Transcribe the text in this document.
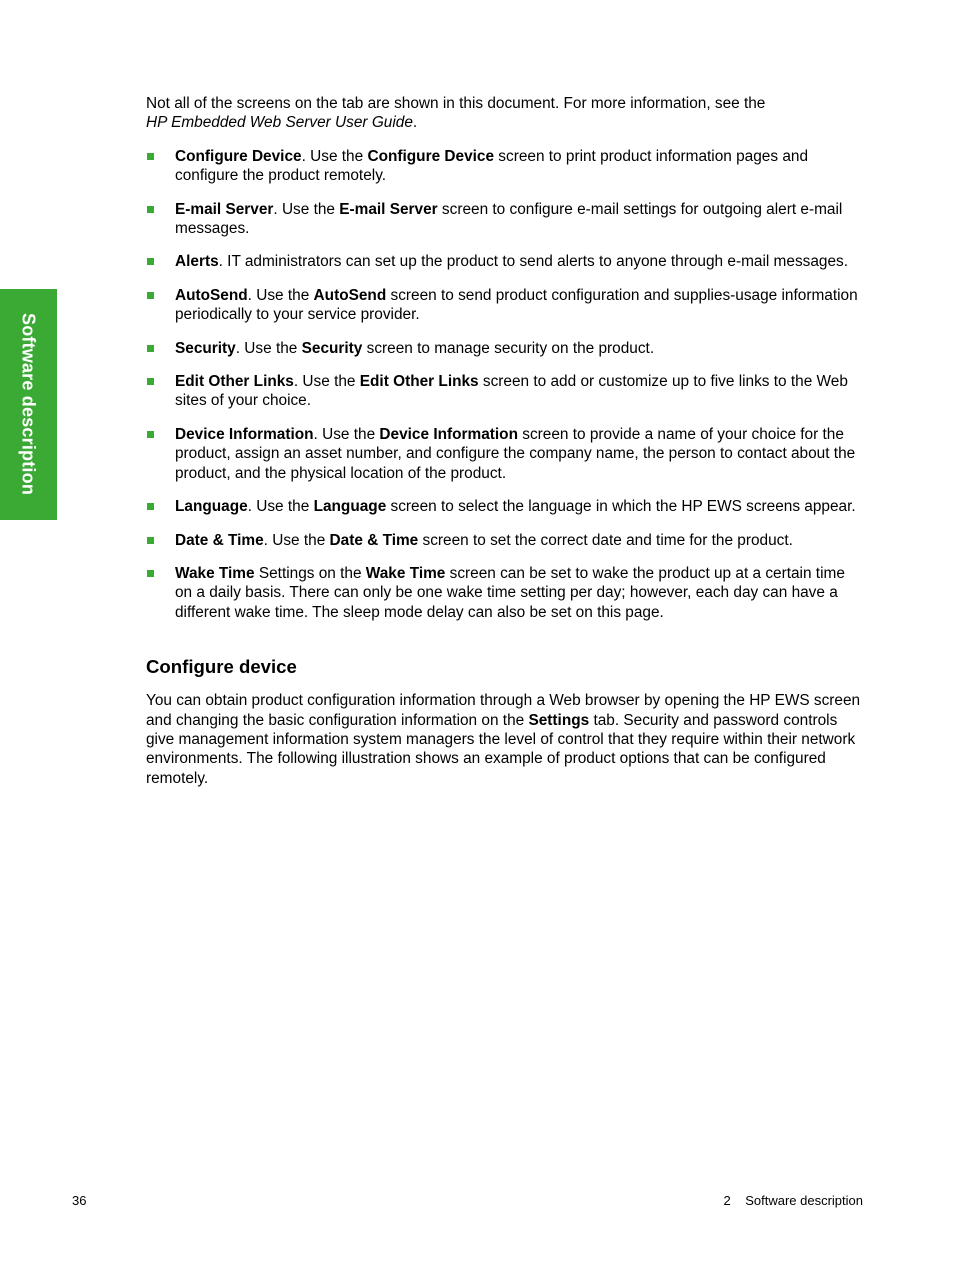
Software description

Not all of the screens on the tab are shown in this document. For more information, see the
HP Embedded Web Server User Guide.

Configure Device. Use the Configure Device screen to print product information pages and configure the product remotely.
E-mail Server. Use the E-mail Server screen to configure e-mail settings for outgoing alert e-mail messages.
Alerts. IT administrators can set up the product to send alerts to anyone through e-mail messages.
AutoSend. Use the AutoSend screen to send product configuration and supplies-usage information periodically to your service provider.
Security. Use the Security screen to manage security on the product.
Edit Other Links. Use the Edit Other Links screen to add or customize up to five links to the Web sites of your choice.
Device Information. Use the Device Information screen to provide a name of your choice for the product, assign an asset number, and configure the company name, the person to contact about the product, and the physical location of the product.
Language. Use the Language screen to select the language in which the HP EWS screens appear.
Date & Time. Use the Date & Time screen to set the correct date and time for the product.
Wake Time Settings on the Wake Time screen can be set to wake the product up at a certain time on a daily basis. There can only be one wake time setting per day; however, each day can have a different wake time. The sleep mode delay can also be set on this page.
Configure device

You can obtain product configuration information through a Web browser by opening the HP EWS screen and changing the basic configuration information on the Settings tab. Security and password controls give management information system managers the level of control that they require within their network environments. The following illustration shows an example of product options that can be configured remotely.

36	2    Software description
